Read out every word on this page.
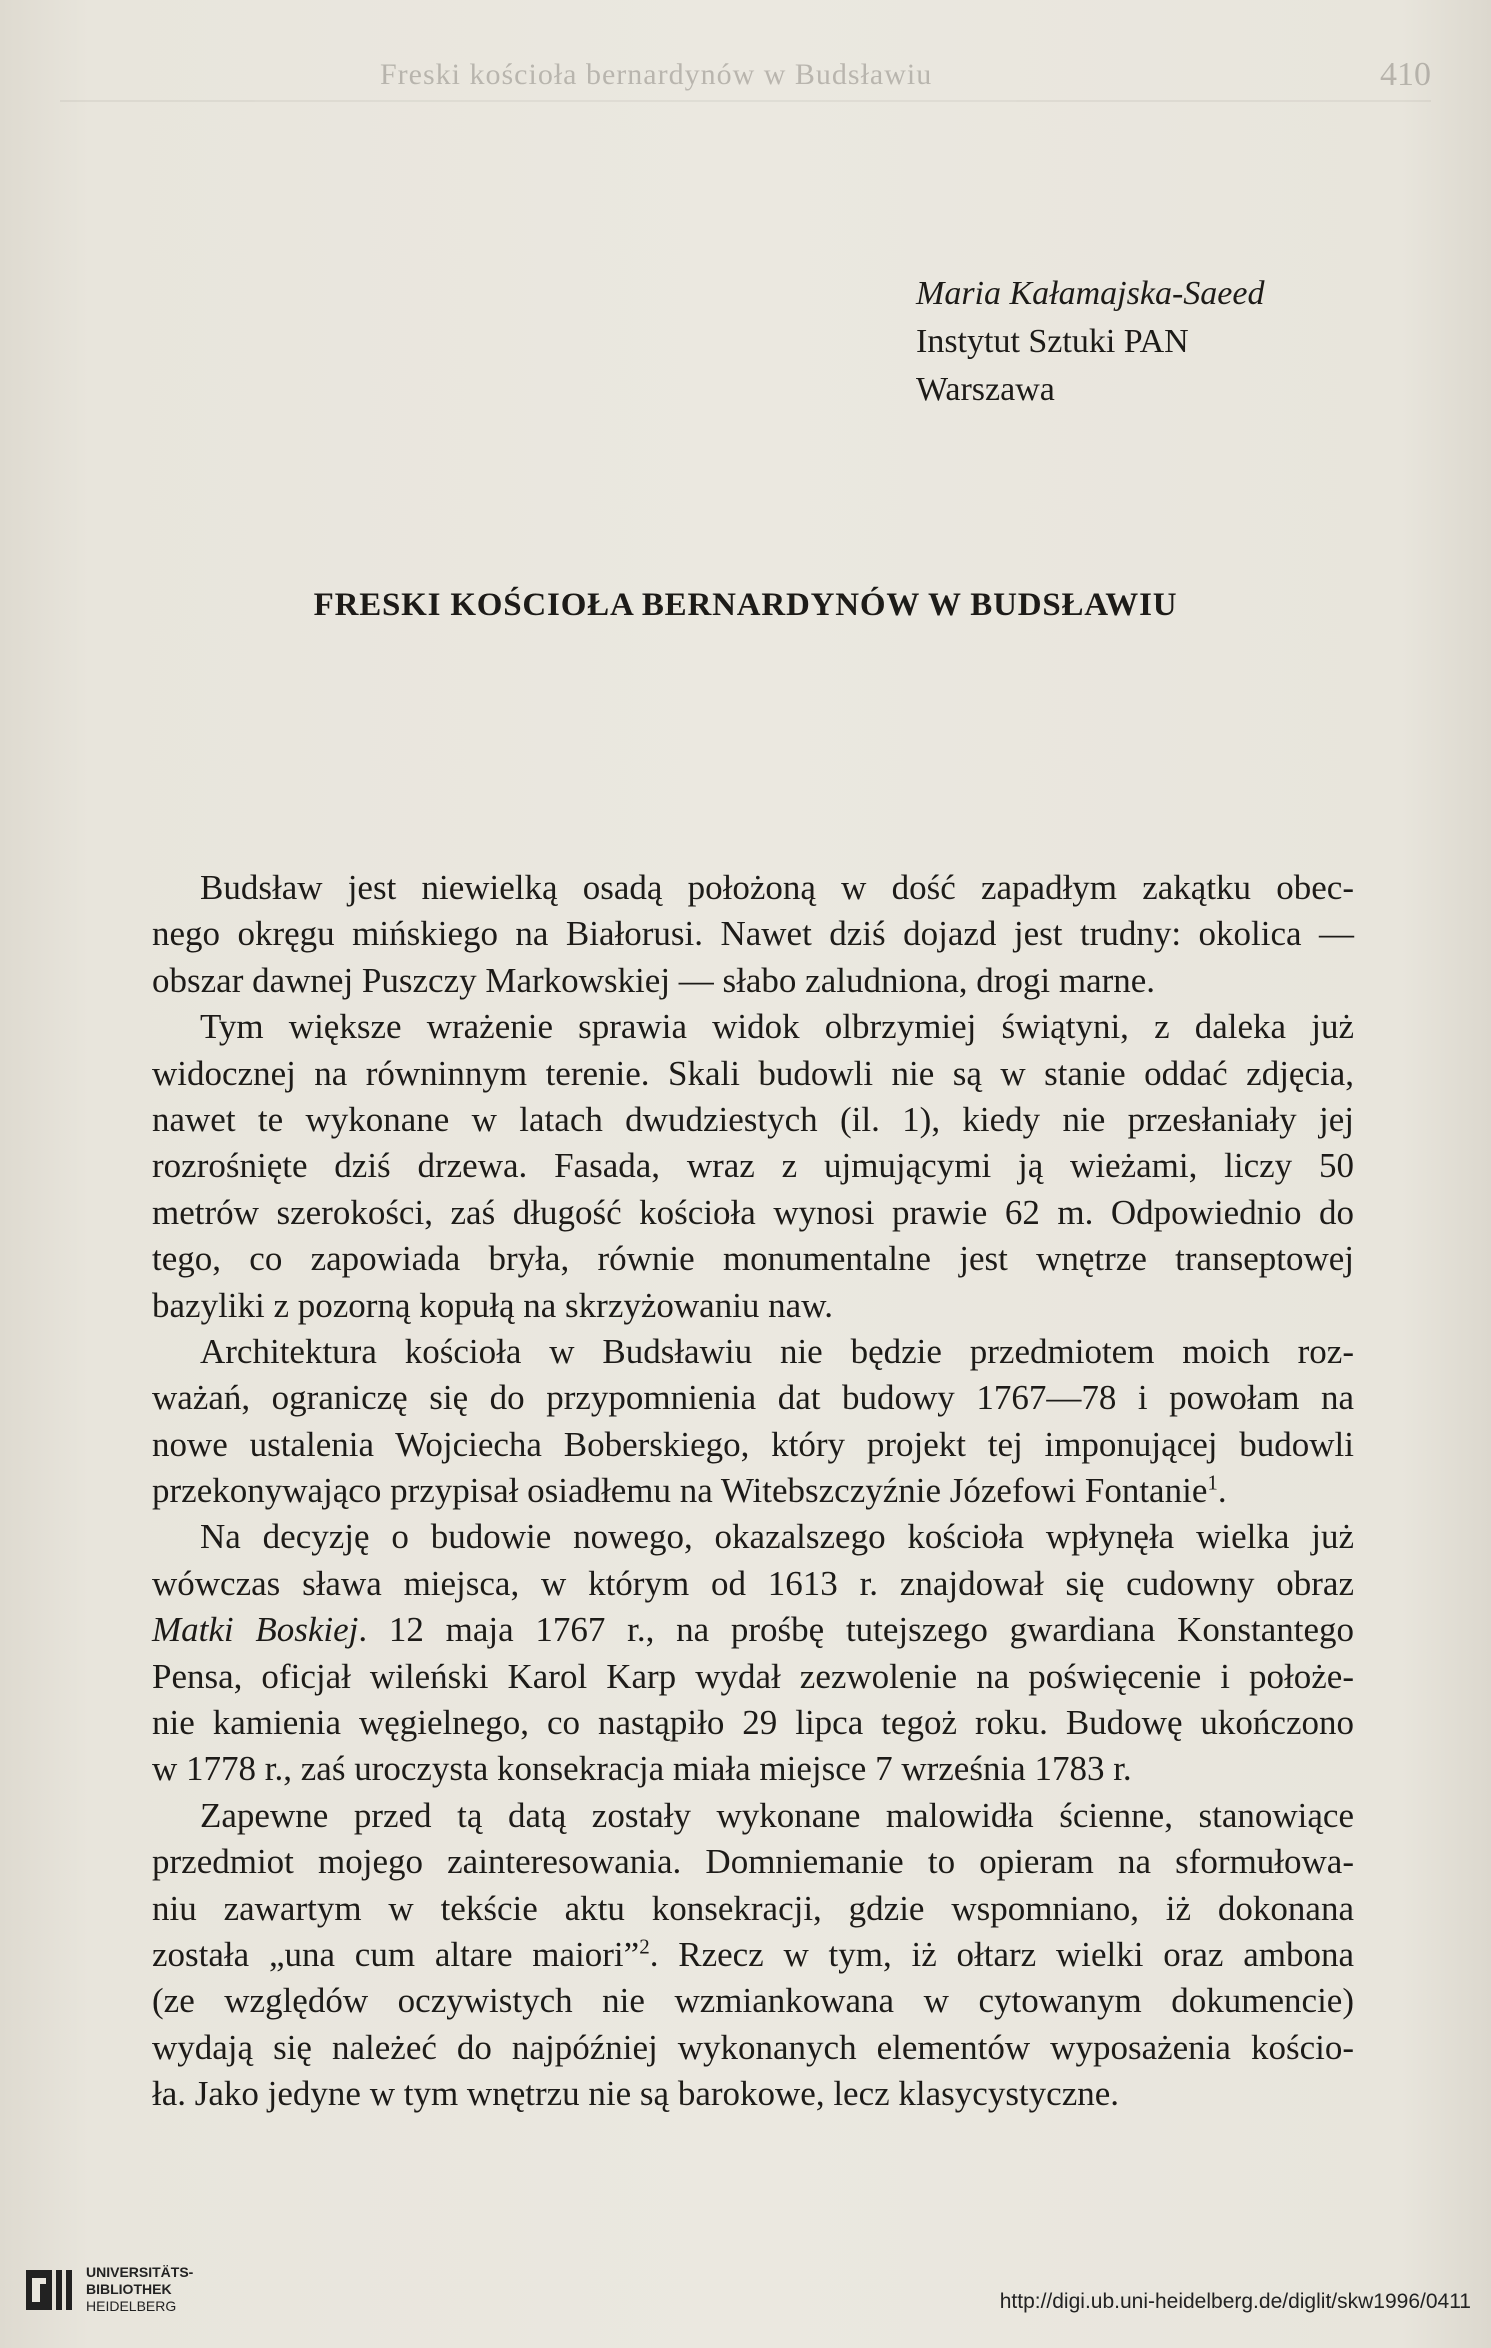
Freski kościoła bernardynów w Budsławiu	410
Maria Kałamajska-Saeed
Instytut Sztuki PAN
Warszawa
FRESKI KOŚCIOŁA BERNARDYNÓW W BUDSŁAWIU
Budsław jest niewielką osadą położoną w dość zapadłym zakątku obec-
nego okręgu mińskiego na Białorusi. Nawet dziś dojazd jest trudny: okolica —
obszar dawnej Puszczy Markowskiej — słabo zaludniona, drogi marne.
Tym większe wrażenie sprawia widok olbrzymiej świątyni, z daleka już
widocznej na równinnym terenie. Skali budowli nie są w stanie oddać zdjęcia,
nawet te wykonane w latach dwudziestych (il. 1), kiedy nie przesłaniały jej
rozrośnięte dziś drzewa. Fasada, wraz z ujmującymi ją wieżami, liczy 50
metrów szerokości, zaś długość kościoła wynosi prawie 62 m. Odpowiednio do
tego, co zapowiada bryła, równie monumentalne jest wnętrze transeptowej
bazyliki z pozorną kopułą na skrzyżowaniu naw.
Architektura kościoła w Budsławiu nie będzie przedmiotem moich roz-
ważań, ograniczę się do przypomnienia dat budowy 1767—78 i powołam na
nowe ustalenia Wojciecha Boberskiego, który projekt tej imponującej budowli
przekonywająco przypisał osiadłemu na Witebszczyźnie Józefowi Fontanie$^1$.
Na decyzję o budowie nowego, okazalszego kościoła wpłynęła wielka już
wówczas sława miejsca, w którym od 1613 r. znajdował się cudowny obraz
Matki Boskiej. 12 maja 1767 r., na prośbę tutejszego gwardiana Konstantego
Pensa, oficjał wileński Karol Karp wydał zezwolenie na poświęcenie i położe-
nie kamienia węgielnego, co nastąpiło 29 lipca tegoż roku. Budowę ukończono
w 1778 r., zaś uroczysta konsekracja miała miejsce 7 września 1783 r.
Zapewne przed tą datą zostały wykonane malowidła ścienne, stanowiące
przedmiot mojego zainteresowania. Domniemanie to opieram na sformułowa-
niu zawartym w tekście aktu konsekracji, gdzie wspomniano, iż dokonana
została „una cum altare maiori”$^2$. Rzecz w tym, iż ołtarz wielki oraz ambona
(ze względów oczywistych nie wzmiankowana w cytowanym dokumencie)
wydają się należeć do najpóźniej wykonanych elementów wyposażenia kościo-
ła. Jako jedyne w tym wnętrzu nie są barokowe, lecz klasycystyczne.
UNIVERSITÄTS-
BIBLIOTHEK
HEIDELBERG	http://digi.ub.uni-heidelberg.de/diglit/skw1996/0411
